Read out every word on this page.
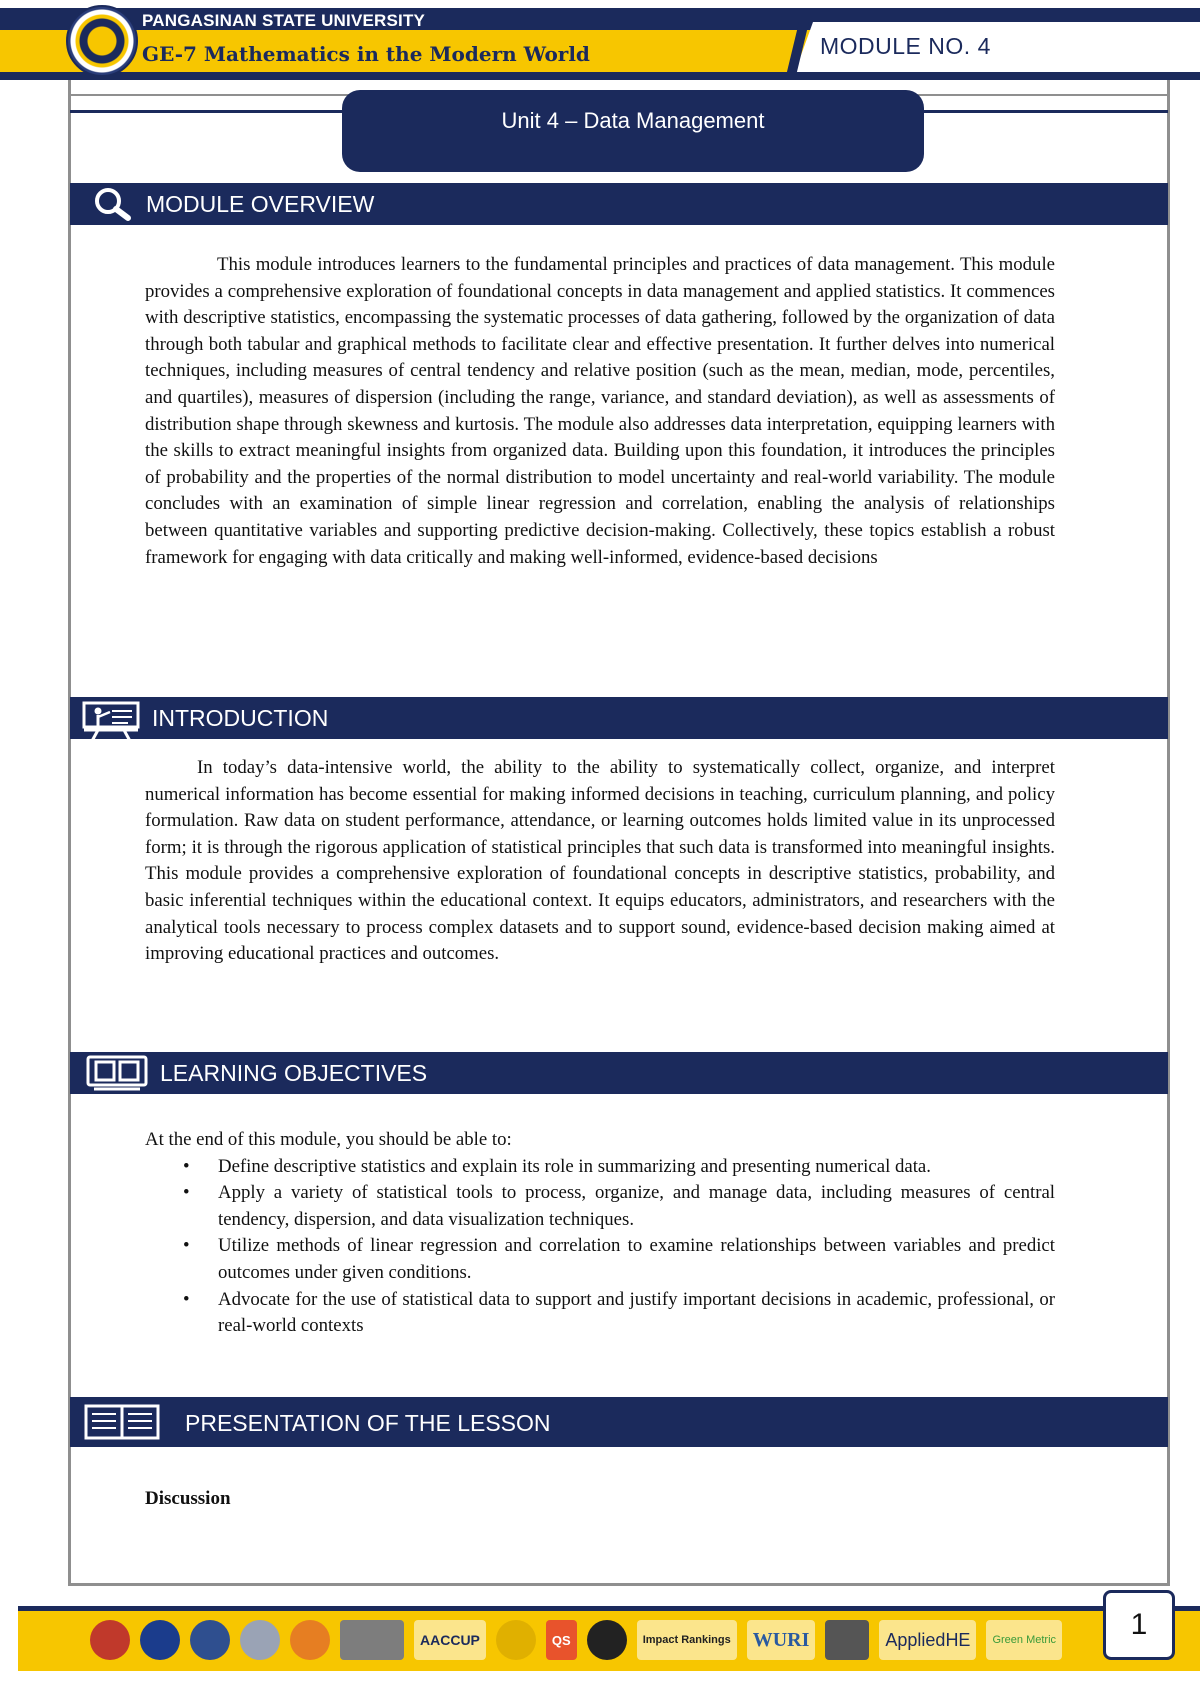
PANGASINAN STATE UNIVERSITY
GE-7 Mathematics in the Modern World	MODULE NO. 4
Unit 4 – Data Management
MODULE OVERVIEW
This module introduces learners to the fundamental principles and practices of data management. This module provides a comprehensive exploration of foundational concepts in data management and applied statistics. It commences with descriptive statistics, encompassing the systematic processes of data gathering, followed by the organization of data through both tabular and graphical methods to facilitate clear and effective presentation. It further delves into numerical techniques, including measures of central tendency and relative position (such as the mean, median, mode, percentiles, and quartiles), measures of dispersion (including the range, variance, and standard deviation), as well as assessments of distribution shape through skewness and kurtosis. The module also addresses data interpretation, equipping learners with the skills to extract meaningful insights from organized data. Building upon this foundation, it introduces the principles of probability and the properties of the normal distribution to model uncertainty and real-world variability. The module concludes with an examination of simple linear regression and correlation, enabling the analysis of relationships between quantitative variables and supporting predictive decision-making. Collectively, these topics establish a robust framework for engaging with data critically and making well-informed, evidence-based decisions
INTRODUCTION
In today’s data-intensive world, the ability to the ability to systematically collect, organize, and interpret numerical information has become essential for making informed decisions in teaching, curriculum planning, and policy formulation. Raw data on student performance, attendance, or learning outcomes holds limited value in its unprocessed form; it is through the rigorous application of statistical principles that such data is transformed into meaningful insights. This module provides a comprehensive exploration of foundational concepts in descriptive statistics, probability, and basic inferential techniques within the educational context. It equips educators, administrators, and researchers with the analytical tools necessary to process complex datasets and to support sound, evidence-based decision making aimed at improving educational practices and outcomes.
LEARNING OBJECTIVES
At the end of this module, you should be able to:
• Define descriptive statistics and explain its role in summarizing and presenting numerical data.
• Apply a variety of statistical tools to process, organize, and manage data, including measures of central tendency, dispersion, and data visualization techniques.
• Utilize methods of linear regression and correlation to examine relationships between variables and predict outcomes under given conditions.
• Advocate for the use of statistical data to support and justify important decisions in academic, professional, or real-world contexts
PRESENTATION OF THE LESSON
Discussion
AACCUP	QS	Impact Rankings	WURI	AppliedHE	Green Metric	1
